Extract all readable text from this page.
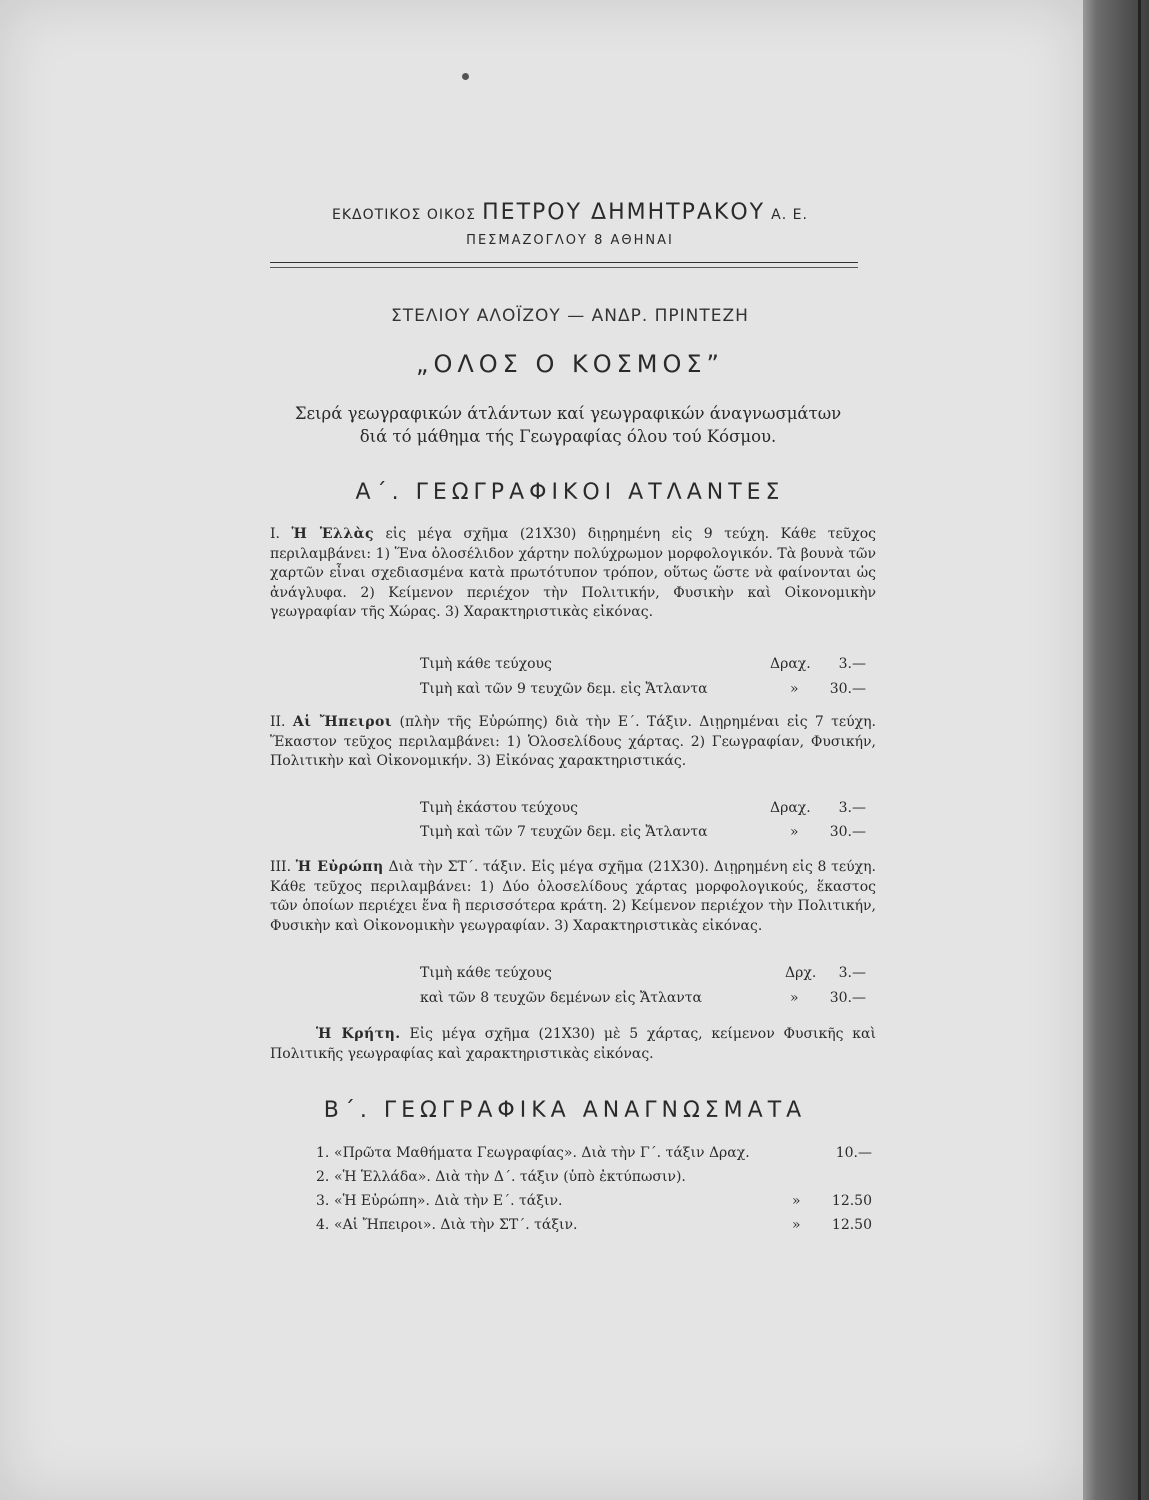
ΕΚΔΟΤΙΚΟΣ ΟΙΚΟΣ ΠΕΤΡΟΥ ΔΗΜΗΤΡΑΚΟΥ Α. Ε.
ΠΕΣΜΑΖΟΓΛΟΥ 8 ΑΘΗΝΑΙ
ΣΤΕΛΙΟΥ ΑΛΟΪΖΟΥ — ΑΝΔΡ. ΠΡΙΝΤΕΖΗ
„ΟΛΟΣ Ο ΚΟΣΜΟΣ”
Σειρά γεωγραφικών άτλάντων καί γεωγραφικών άναγνωσμάτων
διά τό μάθημα τής Γεωγραφίας όλου τού Κόσμου.
Α΄. ΓΕΩΓΡΑΦΙΚΟΙ ΑΤΛΑΝΤΕΣ
I. Ἡ Ἑλλὰς εἰς μέγα σχῆμα (21Χ30) διῃρημένη εἰς 9 τεύχη. Κάθε τεῦχος περιλαμβάνει: 1) Ἕνα ὁλοσέλιδον χάρτην πολύχρωμον μορφολογικόν. Τὰ βουνὰ τῶν χαρτῶν εἶναι σχεδιασμένα κατὰ πρωτότυπον τρόπον, οὕτως ὥστε νὰ φαίνονται ὡς ἀνάγλυφα. 2) Κείμενον περιέχον τὴν Πολιτικήν, Φυσικὴν καὶ Οἰκονομικὴν γεωγραφίαν τῆς Χώρας. 3) Χαρακτηριστικὰς εἰκόνας.
Τιμὴ κάθε τεύχους	Δραχ. 3.—
Τιμὴ καὶ τῶν 9 τευχῶν δεμ. εἰς Ἄτλαντα	» 30.—
II. Αἱ Ἤπειροι (πλὴν τῆς Εὐρώπης) διὰ τὴν Ε΄. Τάξιν. Διῃρημέναι εἰς 7 τεύχη. Ἕκαστον τεῦχος περιλαμβάνει: 1) Ὁλοσελίδους χάρτας. 2) Γεωγραφίαν, Φυσικήν, Πολιτικὴν καὶ Οἰκονομικήν. 3) Εἰκόνας χαρακτηριστικάς.
Τιμὴ ἑκάστου τεύχους	Δραχ. 3.—
Τιμὴ καὶ τῶν 7 τευχῶν δεμ. εἰς Ἄτλαντα	» 30.—
III. Ἡ Εὐρώπη Διὰ τὴν ΣΤ΄. τάξιν. Εἰς μέγα σχῆμα (21Χ30). Διῃρημένη εἰς 8 τεύχη. Κάθε τεῦχος περιλαμβάνει: 1) Δύο ὁλοσελίδους χάρτας μορφολογικούς, ἕκαστος τῶν ὁποίων περιέχει ἕνα ἢ περισσότερα κράτη. 2) Κείμενον περιέχον τὴν Πολιτικήν, Φυσικὴν καὶ Οἰκονομικὴν γεωγραφίαν. 3) Χαρακτηριστικὰς εἰκόνας.
Τιμὴ κάθε τεύχους	Δρχ. 3.—
καὶ τῶν 8 τευχῶν δεμένων εἰς Ἄτλαντα	» 30.—
Ἡ Κρήτη. Εἰς μέγα σχῆμα (21Χ30) μὲ 5 χάρτας, κείμενον Φυσικῆς καὶ Πολιτικῆς γεωγραφίας καὶ χαρακτηριστικὰς εἰκόνας.
Β΄. ΓΕΩΓΡΑΦΙΚΑ ΑΝΑΓΝΩΣΜΑΤΑ
1. «Πρῶτα Μαθήματα Γεωγραφίας». Διὰ τὴν Γ΄. τάξιν Δραχ.	10.—
2. «Ἡ Ἑλλάδα». Διὰ τὴν Δ΄. τάξιν (ὑπὸ ἐκτύπωσιν).
3. «Ἡ Εὐρώπη». Διὰ τὴν Ε΄. τάξιν.	» 12.50
4. «Αἱ Ἤπειροι». Διὰ τὴν ΣΤ΄. τάξιν.	» 12.50
